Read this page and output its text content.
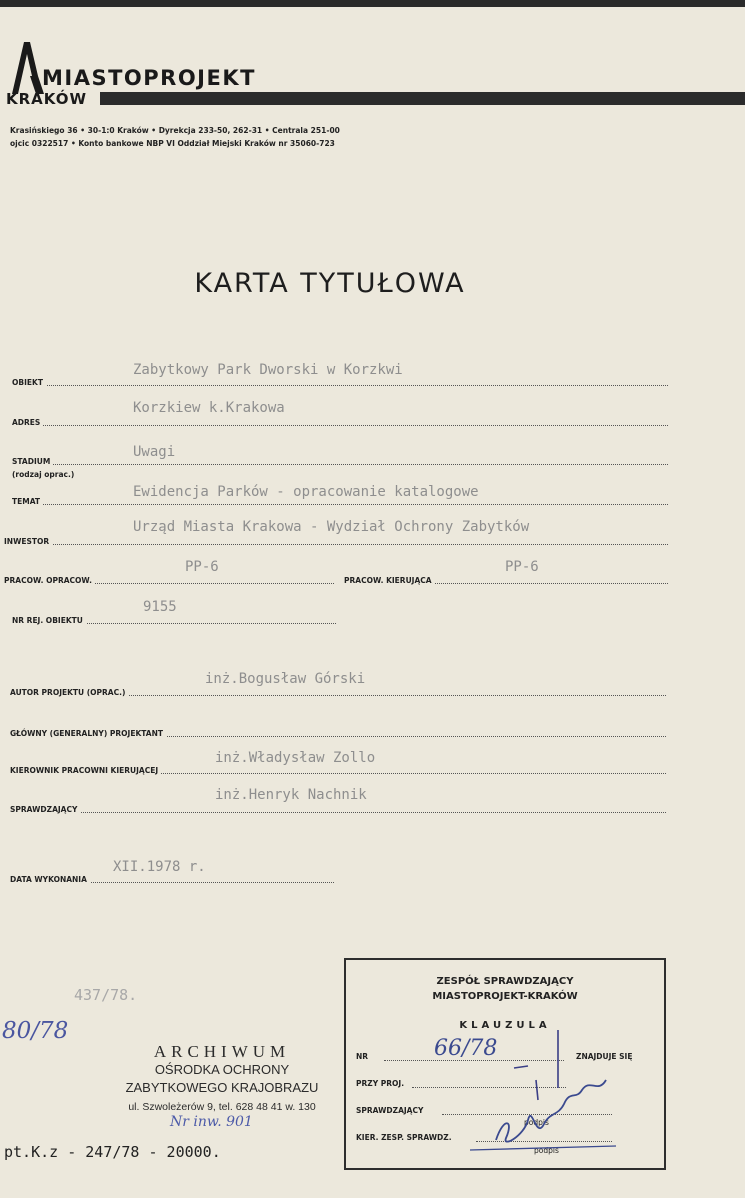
MIASTOPROJEKT
KRAKÓW
Krasińskiego 36 • 30-1:0 Kraków • Dyrekcja 233-50, 262-31 • Centrala 251-00
ojcic 0322517 • Konto bankowe NBP VI Oddział Miejski Kraków nr 35060-723
KARTA TYTUŁOWA
OBIEKT
Zabytkowy Park Dworski w Korzkwi
ADRES
Korzkiew k.Krakowa
STADIUM
(rodzaj oprac.)
Uwagi
TEMAT
Ewidencja Parków - opracowanie katalogowe
INWESTOR
Urząd Miasta Krakowa - Wydział Ochrony Zabytków
PRACOW. OPRACOW.
PP-6
PRACOW. KIERUJĄCA
PP-6
NR REJ. OBIEKTU
9155
AUTOR PROJEKTU (OPRAC.)
inż.Bogusław Górski
GŁÓWNY (GENERALNY) PROJEKTANT
KIEROWNIK PRACOWNI KIERUJĄCEJ
inż.Władysław Zollo
SPRAWDZAJĄCY
inż.Henryk Nachnik
DATA WYKONANIA
XII.1978 r.
437/78.
80/78
ARCHIWUM
OŚRODKA OCHRONY
ZABYTKOWEGO KRAJOBRAZU
ul. Szwoleżerów 9, tel. 628 48 41 w. 130
Nr inw. 901
ZESPÓŁ SPRAWDZAJĄCY
MIASTOPROJEKT-KRAKÓW
KLAUZULA
NR	66/78	ZNAJDUJE SIĘ
PRZY PROJ.
SPRAWDZAJĄCY
podpis
KIER. ZESP. SPRAWDZ.
podpis
pt.K.z - 247/78 - 20000.
